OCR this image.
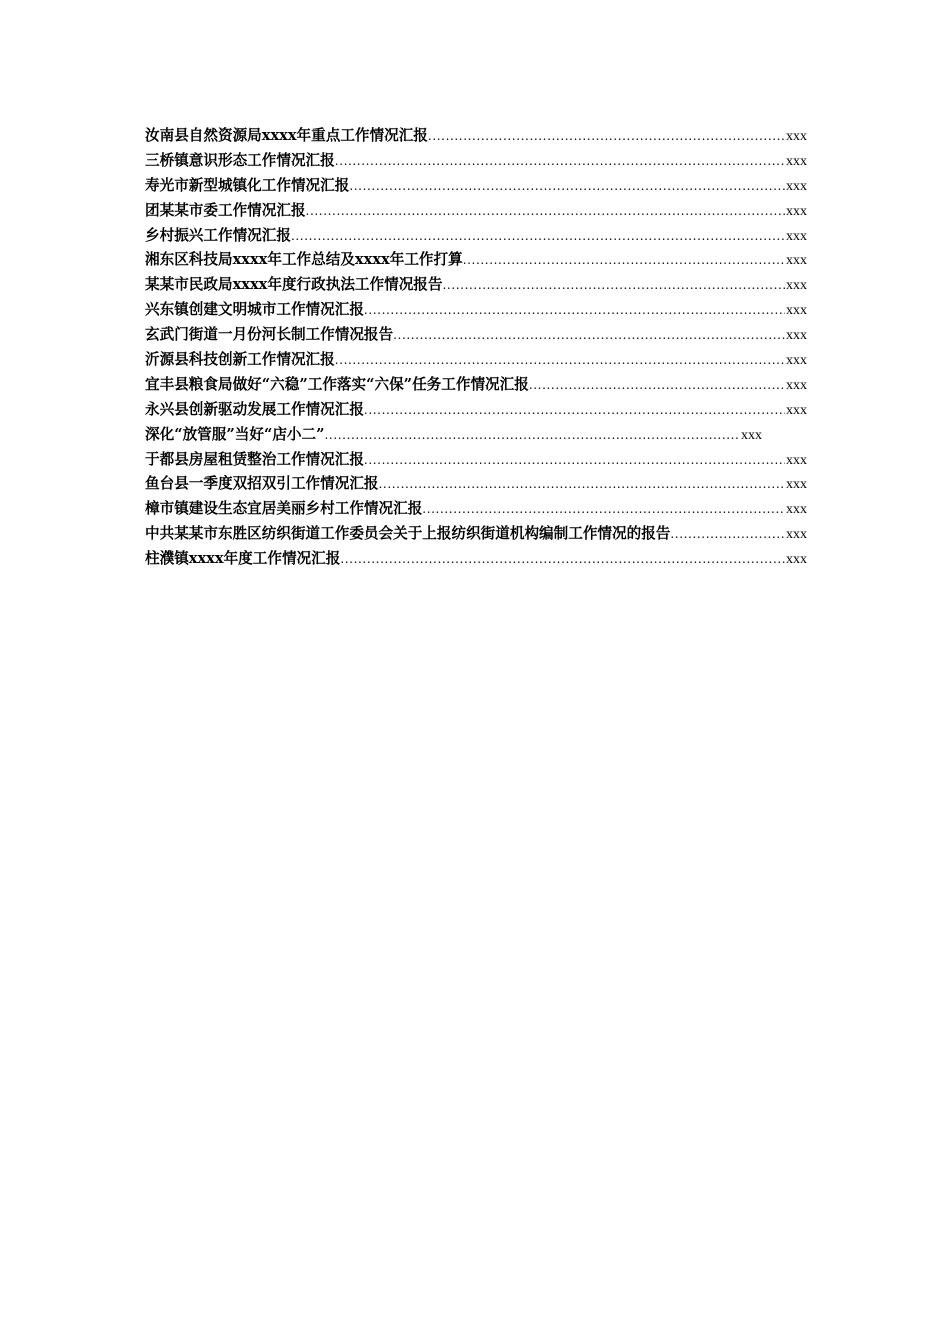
汝南县自然资源局xxxx年重点工作情况汇报 .....	xxx
三桥镇意识形态工作情况汇报 .....	xxx
寿光市新型城镇化工作情况汇报 .....	xxx
团某某市委工作情况汇报 .....	xxx
乡村振兴工作情况汇报 .....	xxx
湘东区科技局xxxx年工作总结及xxxx年工作打算 .....	xxx
某某市民政局xxxx年度行政执法工作情况报告 .....	xxx
兴东镇创建文明城市工作情况汇报 .....	xxx
玄武门街道一月份河长制工作情况报告 .....	xxx
沂源县科技创新工作情况汇报 .....	xxx
宜丰县粮食局做好“六稳”工作落实“六保”任务工作情况汇报 .....	xxx
永兴县创新驱动发展工作情况汇报 .....	xxx
深化“放管服”当好“店小二” .....	xxx
于都县房屋租赁整治工作情况汇报 .....	xxx
鱼台县一季度双招双引工作情况汇报 .....	xxx
樟市镇建设生态宜居美丽乡村工作情况汇报 .....	xxx
中共某某市东胜区纺织街道工作委员会关于上报纺织街道机构编制工作情况的报告 .....	xxx
柱濮镇xxxx年度工作情况汇报 .....	xxx
